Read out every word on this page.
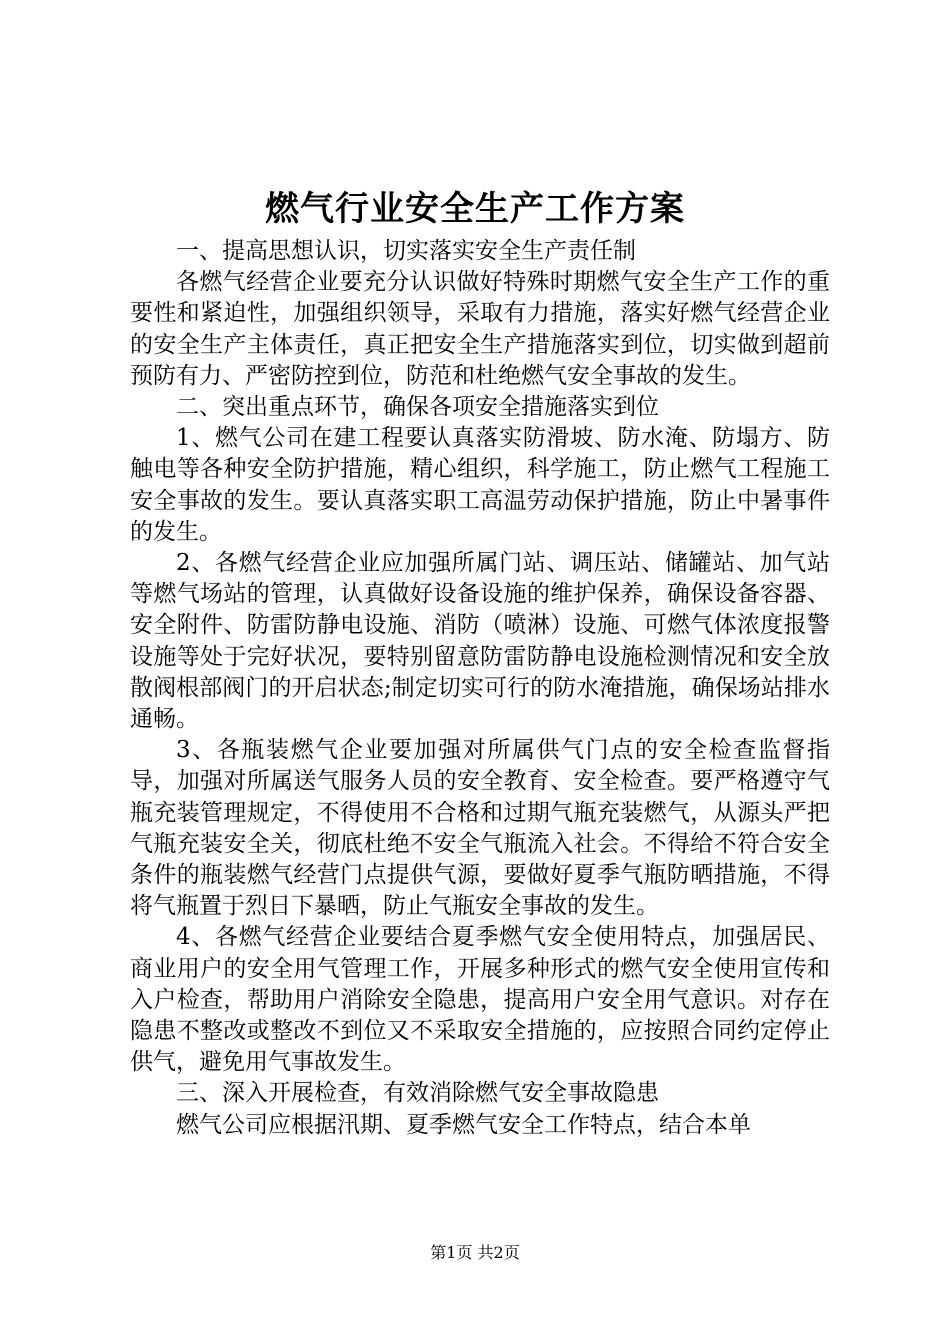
燃气行业安全生产工作方案

一、提高思想认识，切实落实安全生产责任制

各燃气经营企业要充分认识做好特殊时期燃气安全生产工作的重要性和紧迫性，加强组织领导，采取有力措施，落实好燃气经营企业的安全生产主体责任，真正把安全生产措施落实到位，切实做到超前预防有力、严密防控到位，防范和杜绝燃气安全事故的发生。

二、突出重点环节，确保各项安全措施落实到位

1、燃气公司在建工程要认真落实防滑坡、防水淹、防塌方、防触电等各种安全防护措施，精心组织，科学施工，防止燃气工程施工安全事故的发生。要认真落实职工高温劳动保护措施，防止中暑事件的发生。

2、各燃气经营企业应加强所属门站、调压站、储罐站、加气站等燃气场站的管理，认真做好设备设施的维护保养，确保设备容器、安全附件、防雷防静电设施、消防（喷淋）设施、可燃气体浓度报警设施等处于完好状况，要特别留意防雷防静电设施检测情况和安全放散阀根部阀门的开启状态;制定切实可行的防水淹措施，确保场站排水通畅。

3、各瓶装燃气企业要加强对所属供气门点的安全检查监督指导，加强对所属送气服务人员的安全教育、安全检查。要严格遵守气瓶充装管理规定，不得使用不合格和过期气瓶充装燃气，从源头严把气瓶充装安全关，彻底杜绝不安全气瓶流入社会。不得给不符合安全条件的瓶装燃气经营门点提供气源，要做好夏季气瓶防晒措施，不得将气瓶置于烈日下暴晒，防止气瓶安全事故的发生。

4、各燃气经营企业要结合夏季燃气安全使用特点，加强居民、商业用户的安全用气管理工作，开展多种形式的燃气安全使用宣传和入户检查，帮助用户消除安全隐患，提高用户安全用气意识。对存在隐患不整改或整改不到位又不采取安全措施的，应按照合同约定停止供气，避免用气事故发生。

三、深入开展检查，有效消除燃气安全事故隐患

燃气公司应根据汛期、夏季燃气安全工作特点，结合本单

第1页 共2页
